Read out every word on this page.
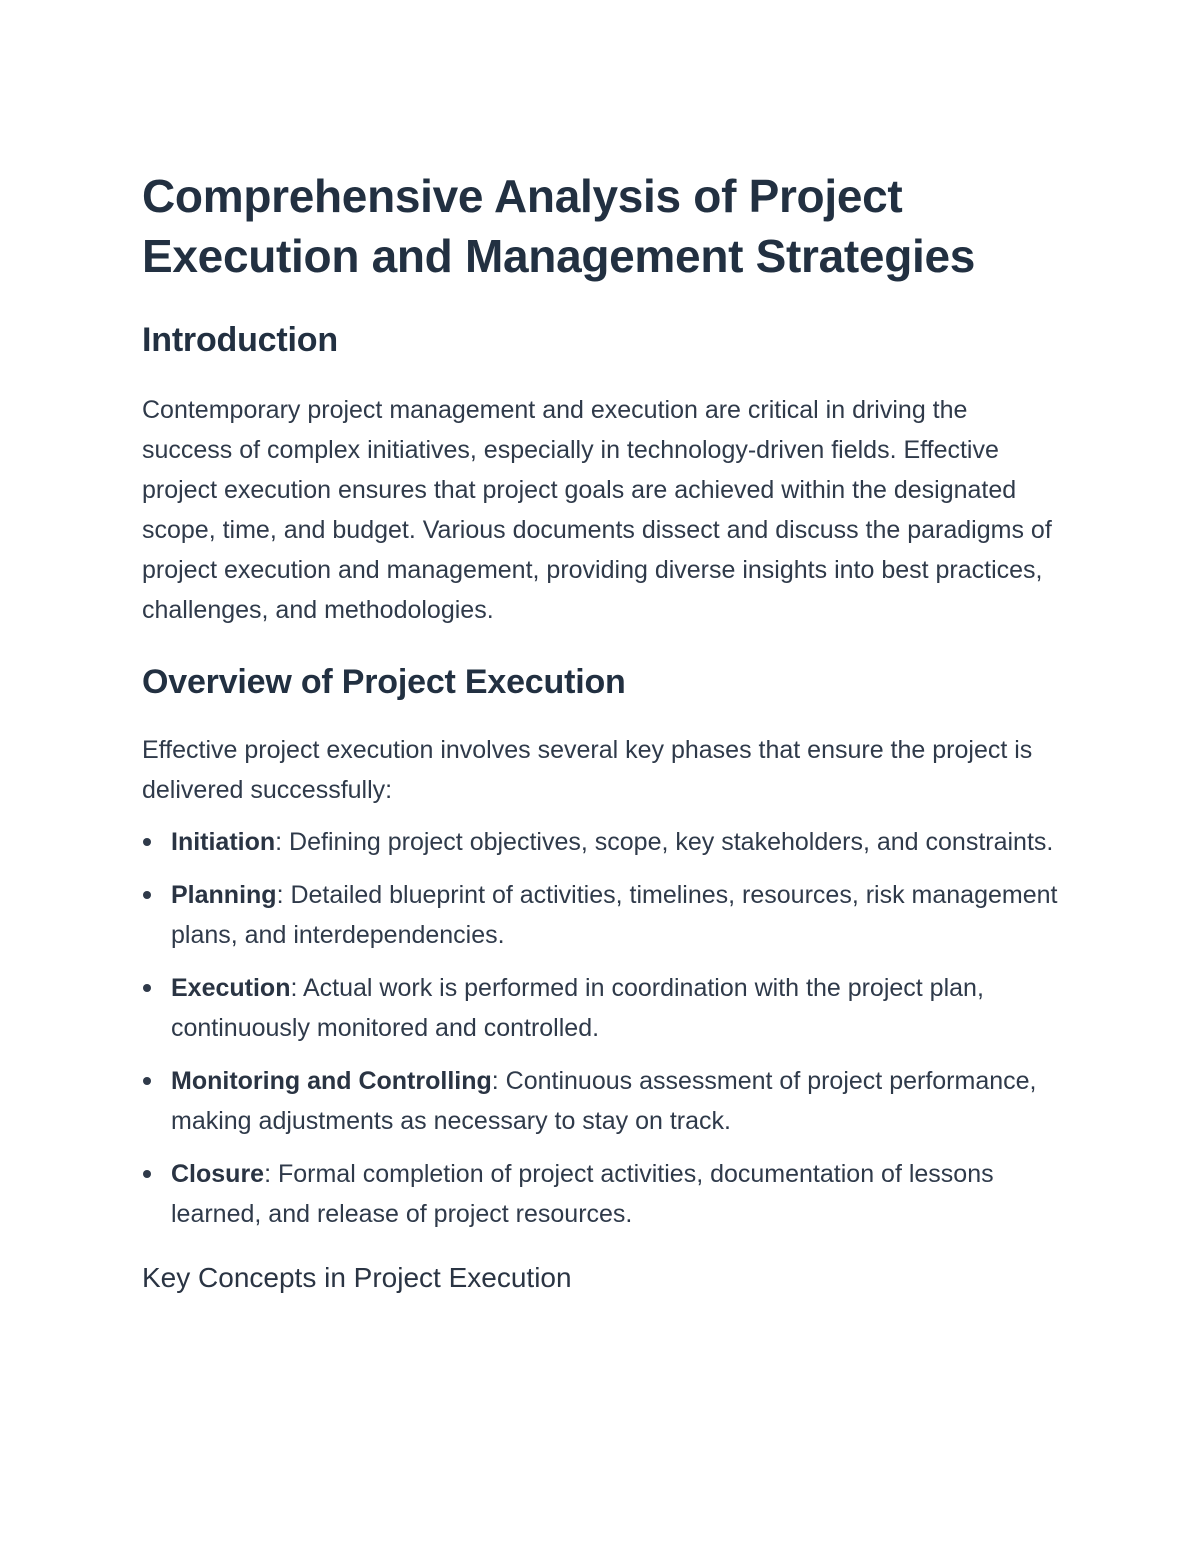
Comprehensive Analysis of Project Execution and Management Strategies
Introduction

Contemporary project management and execution are critical in driving the success of complex initiatives, especially in technology-driven fields. Effective project execution ensures that project goals are achieved within the designated scope, time, and budget. Various documents dissect and discuss the paradigms of project execution and management, providing diverse insights into best practices, challenges, and methodologies.

Overview of Project Execution

Effective project execution involves several key phases that ensure the project is delivered successfully:

Initiation: Defining project objectives, scope, key stakeholders, and constraints.
Planning: Detailed blueprint of activities, timelines, resources, risk management plans, and interdependencies.
Execution: Actual work is performed in coordination with the project plan, continuously monitored and controlled.
Monitoring and Controlling: Continuous assessment of project performance, making adjustments as necessary to stay on track.
Closure: Formal completion of project activities, documentation of lessons learned, and release of project resources.
Key Concepts in Project Execution
